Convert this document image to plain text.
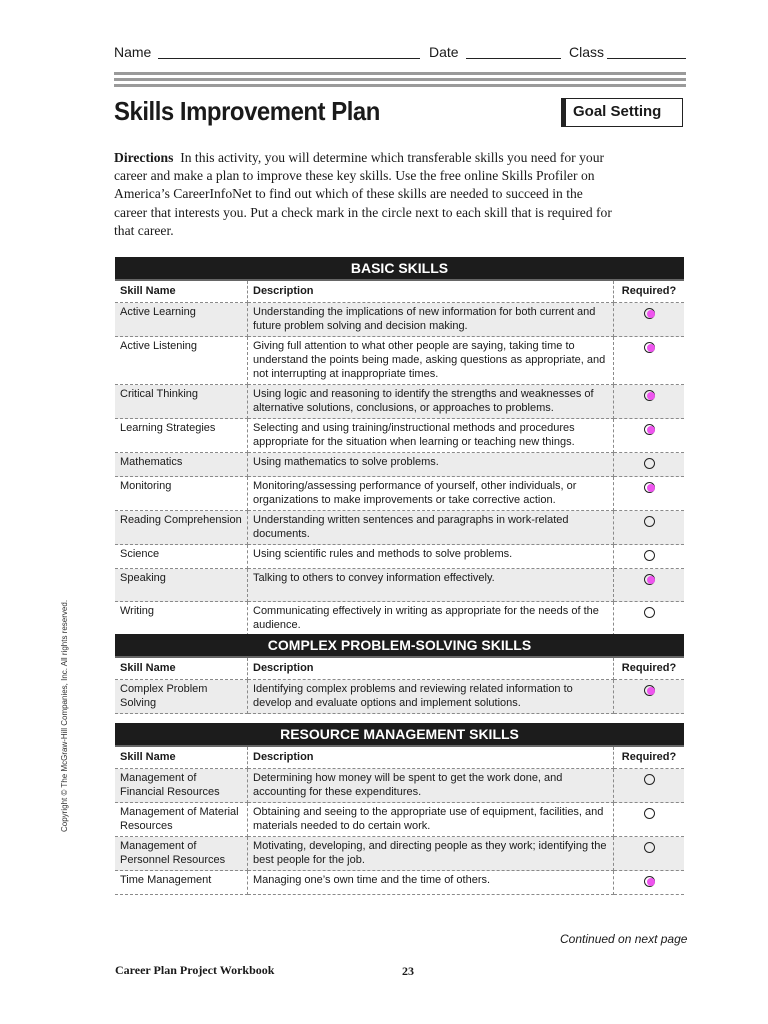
Name	Date	Class
Skills Improvement Plan	Goal Setting
Directions In this activity, you will determine which transferable skills you need for your career and make a plan to improve these key skills. Use the free online Skills Profiler on America’s CareerInfoNet to find out which of these skills are needed to succeed in the career that interests you. Put a check mark in the circle next to each skill that is required for that career.
BASIC SKILLS
Skill Name	Description	Required?
Active Learning	Understanding the implications of new information for both current and future problem solving and decision making.	
Active Listening	Giving full attention to what other people are saying, taking time to understand the points being made, asking questions as appropriate, and not interrupting at inappropriate times.	
Critical Thinking	Using logic and reasoning to identify the strengths and weaknesses of alternative solutions, conclusions, or approaches to problems.	
Learning Strategies	Selecting and using training/instructional methods and procedures appropriate for the situation when learning or teaching new things.	
Mathematics	Using mathematics to solve problems.	
Monitoring	Monitoring/assessing performance of yourself, other individuals, or organizations to make improvements or take corrective action.	
Reading Comprehension	Understanding written sentences and paragraphs in work-related documents.	
Science	Using scientific rules and methods to solve problems.	
Speaking	Talking to others to convey information effectively.	
Writing	Communicating effectively in writing as appropriate for the needs of the audience.	
COMPLEX PROBLEM-SOLVING SKILLS
Skill Name	Description	Required?
Complex Problem Solving	Identifying complex problems and reviewing related information to develop and evaluate options and implement solutions.	
RESOURCE MANAGEMENT SKILLS
Skill Name	Description	Required?
Management of Financial Resources	Determining how money will be spent to get the work done, and accounting for these expenditures.	
Management of Material Resources	Obtaining and seeing to the appropriate use of equipment, facilities, and materials needed to do certain work.	
Management of Personnel Resources	Motivating, developing, and directing people as they work; identifying the best people for the job.	
Time Management	Managing one’s own time and the time of others.	
Copyright © The McGraw-Hill Companies, Inc. All rights reserved.
Continued on next page
Career Plan Project Workbook	23
